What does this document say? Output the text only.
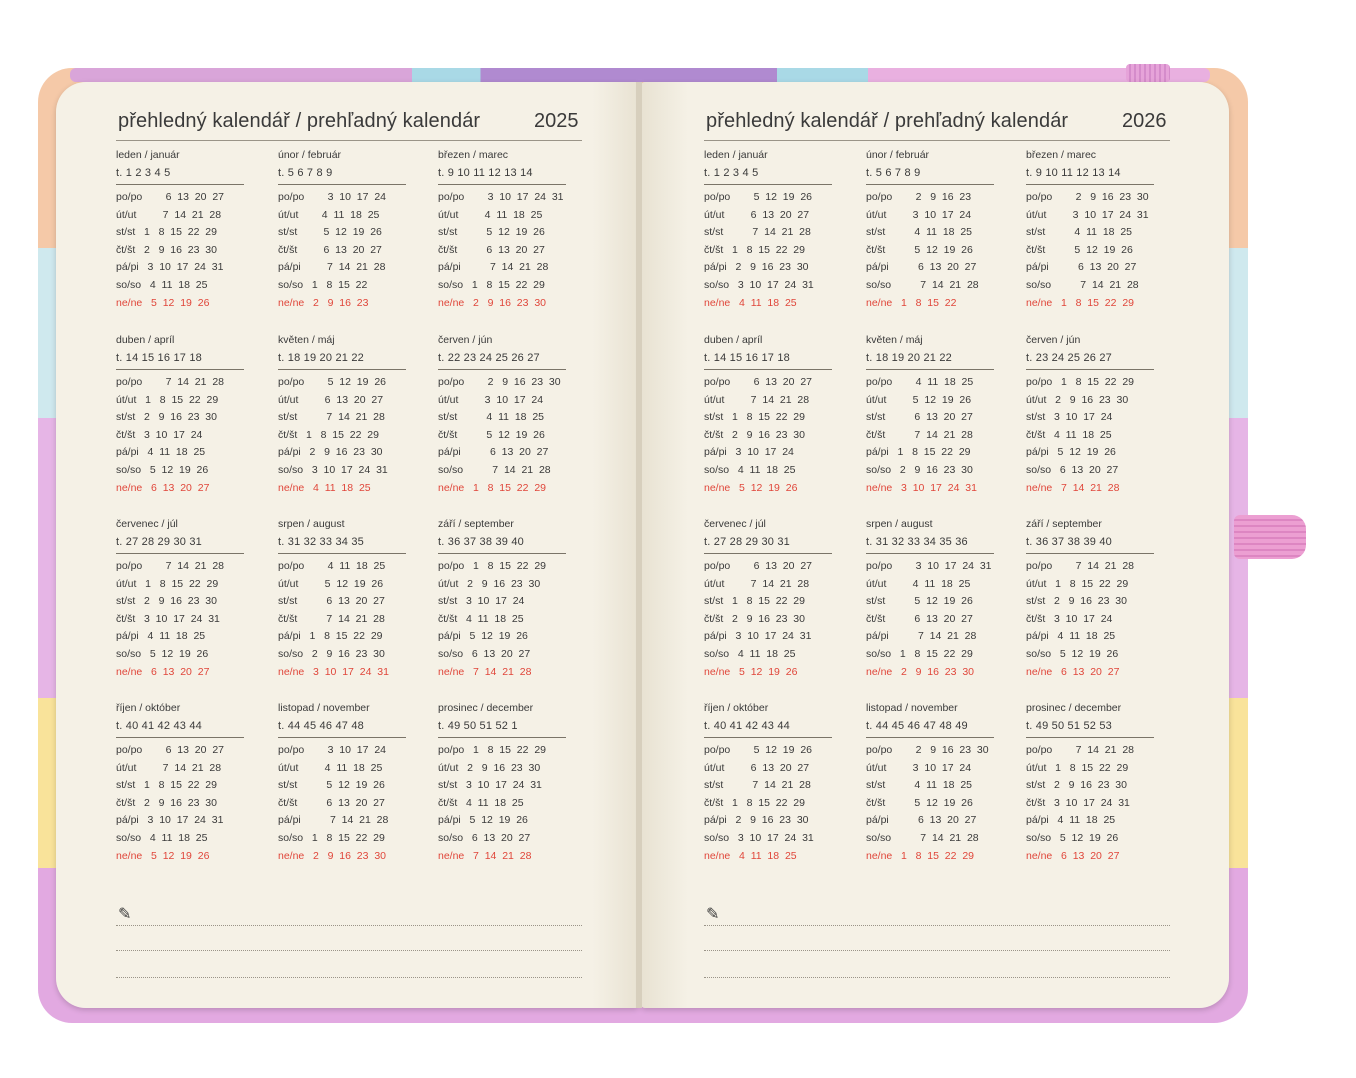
přehledný kalendář / prehľadný kalendár	2025	přehledný kalendář / prehľadný kalendár	2026
leden / január
t. 1 2 3 4 5
po/po        6  13  20  27
út/ut         7  14  21  28
st/st   1   8  15  22  29
čt/št   2   9  16  23  30
pá/pi   3  10  17  24  31
so/so   4  11  18  25
ne/ne   5  12  19  26
únor / február
t. 5 6 7 8 9
po/po        3  10  17  24
út/ut        4  11  18  25
st/st         5  12  19  26
čt/št         6  13  20  27
pá/pi         7  14  21  28
so/so   1   8  15  22
ne/ne   2   9  16  23
březen / marec
t. 9 10 11 12 13 14
po/po        3  10  17  24  31
út/ut         4  11  18  25
st/st          5  12  19  26
čt/št          6  13  20  27
pá/pi          7  14  21  28
so/so   1   8  15  22  29
ne/ne   2   9  16  23  30
duben / apríl
t. 14 15 16 17 18
po/po        7  14  21  28
út/ut   1   8  15  22  29
st/st   2   9  16  23  30
čt/št   3  10  17  24
pá/pi   4  11  18  25
so/so   5  12  19  26
ne/ne   6  13  20  27
květen / máj
t. 18 19 20 21 22
po/po        5  12  19  26
út/ut         6  13  20  27
st/st          7  14  21  28
čt/št   1   8  15  22  29
pá/pi   2   9  16  23  30
so/so   3  10  17  24  31
ne/ne   4  11  18  25
červen / jún
t. 22 23 24 25 26 27
po/po        2   9  16  23  30
út/ut         3  10  17  24
st/st          4  11  18  25
čt/št          5  12  19  26
pá/pi          6  13  20  27
so/so          7  14  21  28
ne/ne   1   8  15  22  29
červenec / júl
t. 27 28 29 30 31
po/po        7  14  21  28
út/ut   1   8  15  22  29
st/st   2   9  16  23  30
čt/št   3  10  17  24  31
pá/pi   4  11  18  25
so/so   5  12  19  26
ne/ne   6  13  20  27
srpen / august
t. 31 32 33 34 35
po/po        4  11  18  25
út/ut         5  12  19  26
st/st          6  13  20  27
čt/št          7  14  21  28
pá/pi   1   8  15  22  29
so/so   2   9  16  23  30
ne/ne   3  10  17  24  31
září / september
t. 36 37 38 39 40
po/po   1   8  15  22  29
út/ut   2   9  16  23  30
st/st   3  10  17  24
čt/št   4  11  18  25
pá/pi   5  12  19  26
so/so   6  13  20  27
ne/ne   7  14  21  28
říjen / október
t. 40 41 42 43 44
po/po        6  13  20  27
út/ut         7  14  21  28
st/st   1   8  15  22  29
čt/št   2   9  16  23  30
pá/pi   3  10  17  24  31
so/so   4  11  18  25
ne/ne   5  12  19  26
listopad / november
t. 44 45 46 47 48
po/po        3  10  17  24
út/ut         4  11  18  25
st/st          5  12  19  26
čt/št          6  13  20  27
pá/pi          7  14  21  28
so/so   1   8  15  22  29
ne/ne   2   9  16  23  30
prosinec / december
t. 49 50 51 52 1
po/po   1   8  15  22  29
út/ut   2   9  16  23  30
st/st   3  10  17  24  31
čt/št   4  11  18  25
pá/pi   5  12  19  26
so/so   6  13  20  27
ne/ne   7  14  21  28
leden / január
t. 1 2 3 4 5
po/po        5  12  19  26
út/ut         6  13  20  27
st/st          7  14  21  28
čt/št   1   8  15  22  29
pá/pi   2   9  16  23  30
so/so   3  10  17  24  31
ne/ne   4  11  18  25
únor / február
t. 5 6 7 8 9
po/po        2   9  16  23
út/ut         3  10  17  24
st/st          4  11  18  25
čt/št          5  12  19  26
pá/pi          6  13  20  27
so/so          7  14  21  28
ne/ne   1   8  15  22
březen / marec
t. 9 10 11 12 13 14
po/po        2   9  16  23  30
út/ut         3  10  17  24  31
st/st          4  11  18  25
čt/št          5  12  19  26
pá/pi          6  13  20  27
so/so          7  14  21  28
ne/ne   1   8  15  22  29
duben / apríl
t. 14 15 16 17 18
po/po        6  13  20  27
út/ut         7  14  21  28
st/st   1   8  15  22  29
čt/št   2   9  16  23  30
pá/pi   3  10  17  24
so/so   4  11  18  25
ne/ne   5  12  19  26
květen / máj
t. 18 19 20 21 22
po/po        4  11  18  25
út/ut         5  12  19  26
st/st          6  13  20  27
čt/št          7  14  21  28
pá/pi   1   8  15  22  29
so/so   2   9  16  23  30
ne/ne   3  10  17  24  31
červen / jún
t. 23 24 25 26 27
po/po   1   8  15  22  29
út/ut   2   9  16  23  30
st/st   3  10  17  24
čt/št   4  11  18  25
pá/pi   5  12  19  26
so/so   6  13  20  27
ne/ne   7  14  21  28
červenec / júl
t. 27 28 29 30 31
po/po        6  13  20  27
út/ut         7  14  21  28
st/st   1   8  15  22  29
čt/št   2   9  16  23  30
pá/pi   3  10  17  24  31
so/so   4  11  18  25
ne/ne   5  12  19  26
srpen / august
t. 31 32 33 34 35 36
po/po        3  10  17  24  31
út/ut         4  11  18  25
st/st          5  12  19  26
čt/št          6  13  20  27
pá/pi          7  14  21  28
so/so   1   8  15  22  29
ne/ne   2   9  16  23  30
září / september
t. 36 37 38 39 40
po/po        7  14  21  28
út/ut   1   8  15  22  29
st/st   2   9  16  23  30
čt/št   3  10  17  24
pá/pi   4  11  18  25
so/so   5  12  19  26
ne/ne   6  13  20  27
říjen / október
t. 40 41 42 43 44
po/po        5  12  19  26
út/ut         6  13  20  27
st/st          7  14  21  28
čt/št   1   8  15  22  29
pá/pi   2   9  16  23  30
so/so   3  10  17  24  31
ne/ne   4  11  18  25
listopad / november
t. 44 45 46 47 48 49
po/po        2   9  16  23  30
út/ut         3  10  17  24
st/st          4  11  18  25
čt/št          5  12  19  26
pá/pi          6  13  20  27
so/so          7  14  21  28
ne/ne   1   8  15  22  29
prosinec / december
t. 49 50 51 52 53
po/po        7  14  21  28
út/ut   1   8  15  22  29
st/st   2   9  16  23  30
čt/št   3  10  17  24  31
pá/pi   4  11  18  25
so/so   5  12  19  26
ne/ne   6  13  20  27
✎	✎
